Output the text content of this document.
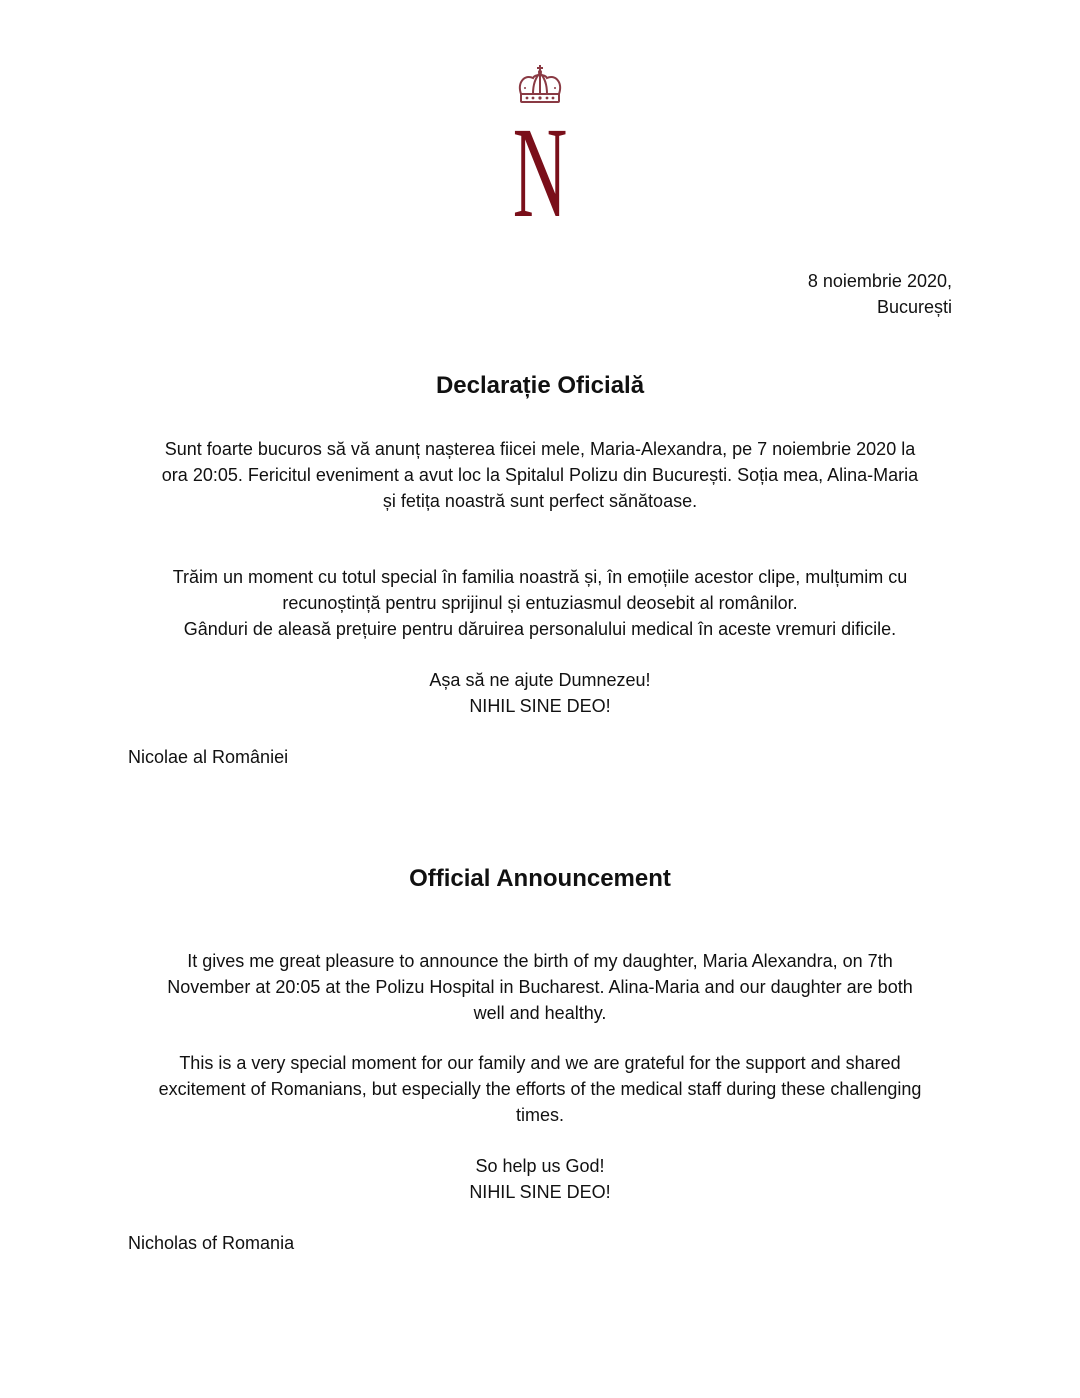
N
8 noiembrie 2020,
București
Declarație Oficială
Sunt foarte bucuros să vă anunț nașterea fiicei mele, Maria-Alexandra, pe 7 noiembrie 2020 la
ora 20:05. Fericitul eveniment a avut loc la Spitalul Polizu din București. Soția mea, Alina-Maria
și fetița noastră sunt perfect sănătoase.
Trăim un moment cu totul special în familia noastră și, în emoțiile acestor clipe, mulțumim cu
recunoștință pentru sprijinul și entuziasmul deosebit al românilor.
Gânduri de aleasă prețuire pentru dăruirea personalului medical în aceste vremuri dificile.
Așa să ne ajute Dumnezeu!
NIHIL SINE DEO!
Nicolae al României
Official Announcement
It gives me great pleasure to announce the birth of my daughter, Maria Alexandra, on 7th
November at 20:05 at the Polizu Hospital in Bucharest. Alina-Maria and our daughter are both
well and healthy.
This is a very special moment for our family and we are grateful for the support and shared
excitement of Romanians, but especially the efforts of the medical staff during these challenging
times.
So help us God!
NIHIL SINE DEO!
Nicholas of Romania
